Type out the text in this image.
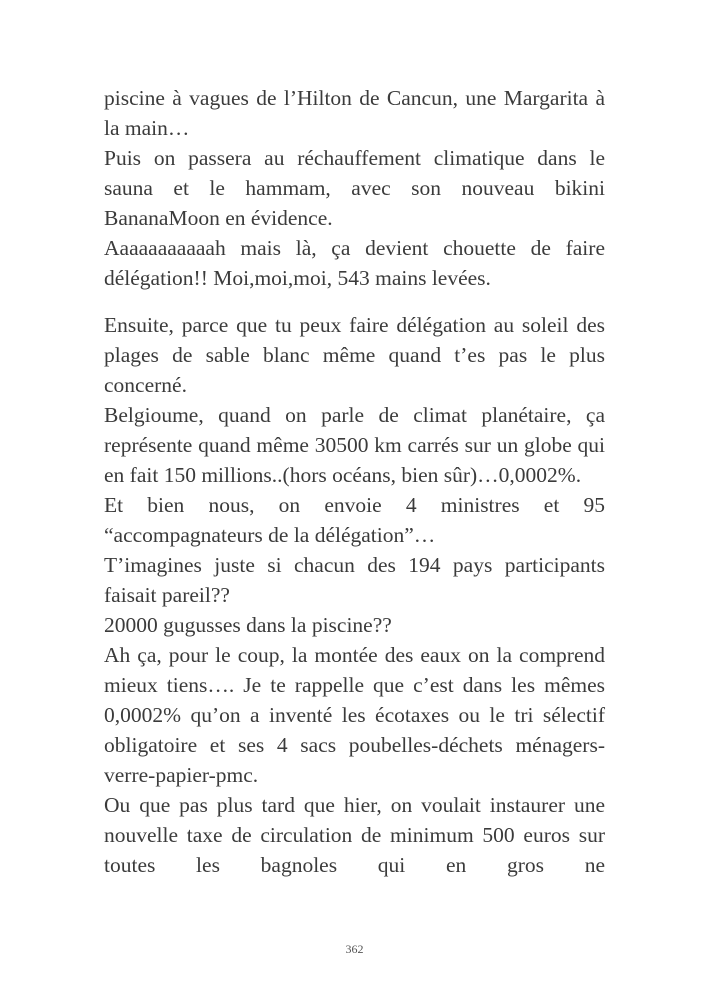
piscine à vagues de l’Hilton de Cancun, une Margarita à la main…

Puis on passera au réchauffement climatique dans le sauna et le hammam, avec son nouveau bikini BananaMoon en évidence.

Aaaaaaaaaaah mais là, ça devient chouette de faire délégation!! Moi,moi,moi, 543 mains levées.

Ensuite, parce que tu peux faire délégation au soleil des plages de sable blanc même quand t’es pas le plus concerné.

Belgioume, quand on parle de climat planétaire, ça représente quand même 30500 km carrés sur un globe qui en fait 150 millions..(hors océans, bien sûr)…0,0002%.

Et bien nous, on envoie 4 ministres et 95 “accompagnateurs de la délégation”…

T’imagines juste si chacun des 194 pays participants faisait pareil??

20000 gugusses dans la piscine??

Ah ça, pour le coup, la montée des eaux on la comprend mieux tiens…. Je te rappelle que c’est dans les mêmes 0,0002% qu’on a inventé les écotaxes ou le tri sélectif obligatoire et ses 4 sacs poubelles-déchets ménagers-verre-papier-pmc.

Ou que pas plus tard que hier, on voulait instaurer une nouvelle taxe de circulation de minimum 500 euros sur toutes les bagnoles qui en gros ne

362
